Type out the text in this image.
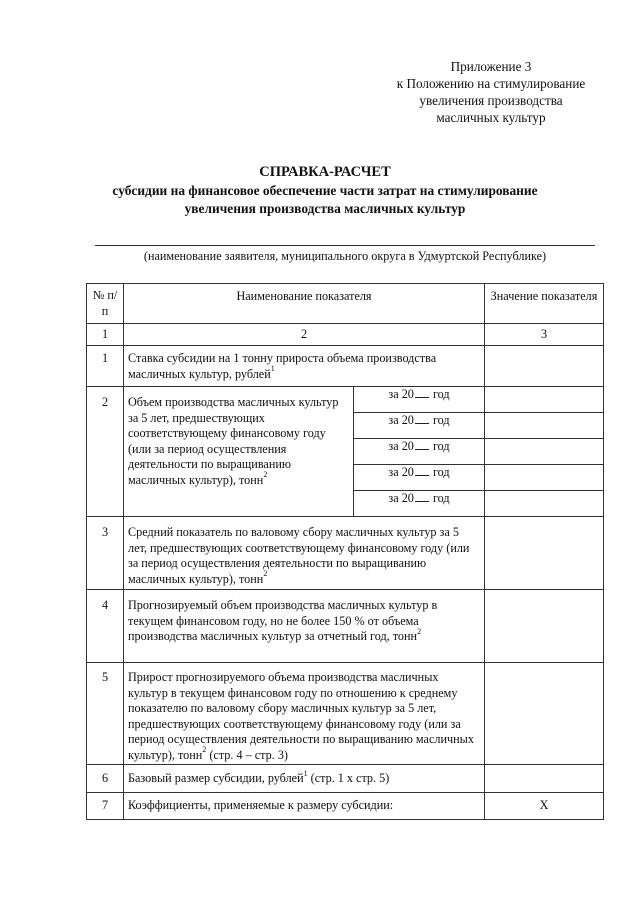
Приложение 3
к Положению на стимулирование
увеличения производства
масличных культур
СПРАВКА-РАСЧЕТ
субсидии на финансовое обеспечение части затрат на стимулирование
увеличения производства масличных культур
(наименование заявителя, муниципального округа в Удмуртской Республике)
№ п/п	Наименование показателя		Значение показателя
1	2		3
1	Ставка субсидии на 1 тонну прироста объема производства масличных культур, рублей$^1$	
2	Объем производства масличных культур за 5 лет, предшествующих соответствующему финансовому году (или за период осуществления деятельности по выращиванию масличных культур), тонн$^2$	за 20 год	
		за 20 год	
		за 20 год	
		за 20 год	
		за 20 год	
3	Средний показатель по валовому сбору масличных культур за 5 лет, предшествующих соответствующему финансовому году (или за период осуществления деятельности по выращиванию масличных культур), тонн$^2$	
4	Прогнозируемый объем производства масличных культур в текущем финансовом году, но не более 150 % от объема производства масличных культур за отчетный год, тонн$^2$	
5	Прирост прогнозируемого объема производства масличных культур в текущем финансовом году по отношению к среднему показателю по валовому сбору масличных культур за 5 лет, предшествующих соответствующему финансовому году (или за период осуществления деятельности по выращиванию масличных культур), тонн$^2$ (стр. 4 – стр. 3)		
6	Базовый размер субсидии, рублей$^1$ (стр. 1 х стр. 5)		
7	Коэффициенты, применяемые к размеру субсидии:		Х
